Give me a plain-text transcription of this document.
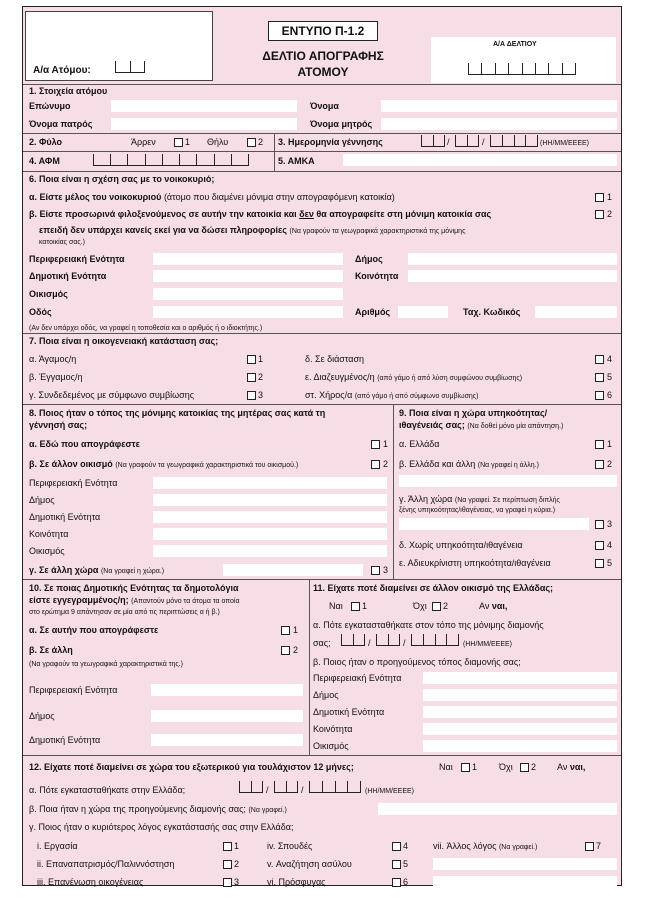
Α/α Ατόμου:
ΕΝΤΥΠΟ Π-1.2
ΔΕΛΤΙΟ ΑΠΟΓΡΑΦΗΣ
ΑΤΟΜΟΥ
Α/Α ΔΕΛΤΙΟΥ
1. Στοιχεία ατόμου
Επώνυμο	Όνομα
Όνομα πατρός	Όνομα μητρός
2. Φύλο	Άρρεν	1 Θήλυ	2 3. Ημερομηνία γέννησης	/	/	(ΗΗ/ΜΜ/ΕΕΕΕ)
4. ΑΦΜ	5. ΑΜΚΑ
6. Ποια είναι η σχέση σας με το νοικοκυριό;
α. Είστε μέλος του νοικοκυριού (άτομο που διαμένει μόνιμα στην απογραφόμενη κατοικία)	1
β. Είστε προσωρινά φιλοξενούμενος σε αυτήν την κατοικία και δεν θα απογραφείτε στη μόνιμη κατοικία σας	2
επειδή δεν υπάρχει κανείς εκεί για να δώσει πληροφορίες (Να γραφούν τα γεωγραφικά χαρακτηριστικά της μόνιμης
κατοικίας σας.)
Περιφερειακή Ενότητα	Δήμος
Δημοτική Ενότητα	Κοινότητα
Οικισμός
Οδός	Αριθμός	Ταχ. Κωδικός
(Αν δεν υπάρχει οδός, να γραφεί η τοποθεσία και ο αριθμός ή ο ιδιοκτήτης.)
7. Ποια είναι η οικογενειακή κατάσταση σας;
α. Άγαμος/η	1
β. Έγγαμος/η	2
γ. Συνδεδεμένος με σύμφωνο συμβίωσης	3
δ. Σε διάσταση	4
ε. Διαζευγμένος/η (από γάμο ή από λύση συμφώνου συμβίωσης)	5
στ. Χήρος/α (από γάμο ή από σύμφωνο συμβίωσης)	6
8. Ποιος ήταν ο τόπος της μόνιμης κατοικίας της μητέρας σας κατά τη
γέννησή σας;
α. Εδώ που απογράφεστε	1
β. Σε άλλον οικισμό (Να γραφούν τα γεωγραφικά χαρακτηριστικά του οικισμού.)	2
Περιφερειακή Ενότητα
Δήμος
Δημοτική Ενότητα
Κοινότητα
Οικισμός
γ. Σε άλλη χώρα (Να γραφεί η χώρα.)	3
9. Ποια είναι η χώρα υπηκοότητας/
ιθαγένειάς σας; (Να δοθεί μόνο μία απάντηση.)
α. Ελλάδα	1
β. Ελλάδα και άλλη (Να γραφεί η άλλη.)	2
γ. Άλλη χώρα (Να γραφεί. Σε περίπτωση διπλής
ξένης υπηκοότητας/ιθαγένειας, να γραφεί η κύρια.)
3
δ. Χωρίς υπηκοότητα/ιθαγένεια	4
ε. Αδιευκρίνιστη υπηκοότητα/ιθαγένεια	5
10. Σε ποιας Δημοτικής Ενότητας τα δημοτολόγια
είστε εγγεγραμμένος/η; (Απαντούν μόνο τα άτομα τα οποία
στο ερώτημα 9 απάντησαν σε μία από τις περιπτώσεις α ή β.)
α. Σε αυτήν που απογράφεστε	1
β. Σε άλλη	2
(Να γραφούν τα γεωγραφικά χαρακτηριστικά της.)
Περιφερειακή Ενότητα
Δήμος
Δημοτική Ενότητα
11. Είχατε ποτέ διαμείνει σε άλλον οικισμό της Ελλάδας;
Ναι 1	Όχι 2	Αν ναι,
α. Πότε εγκατασταθήκατε στον τόπο της μόνιμης διαμονής
σας;	/	/	(ΗΗ/ΜΜ/ΕΕΕΕ)
β. Ποιος ήταν ο προηγούμενος τόπος διαμονής σας;
Περιφερειακή Ενότητα
Δήμος
Δημοτική Ενότητα
Κοινότητα
Οικισμός
12. Είχατε ποτέ διαμείνει σε χώρα του εξωτερικού για τουλάχιστον 12 μήνες;	Ναι 1 Όχι 2 Αν ναι,
α. Πότε εγκατασταθήκατε στην Ελλάδα;	/	/	(ΗΗ/ΜΜ/ΕΕΕΕ)
β. Ποια ήταν η χώρα της προηγούμενης διαμονής σας; (Να γραφεί.)
γ. Ποιος ήταν ο κυριότερος λόγος εγκατάστασής σας στην Ελλάδα;
i. Εργασία	1
ii. Επαναπατρισμός/Παλιννόστηση	2
iii. Επανένωση οικογένειας	3
iv. Σπουδές	4
v. Αναζήτηση ασύλου	5
vi. Πρόσφυγας	6
vii. Άλλος λόγος (Να γραφεί.)	7
